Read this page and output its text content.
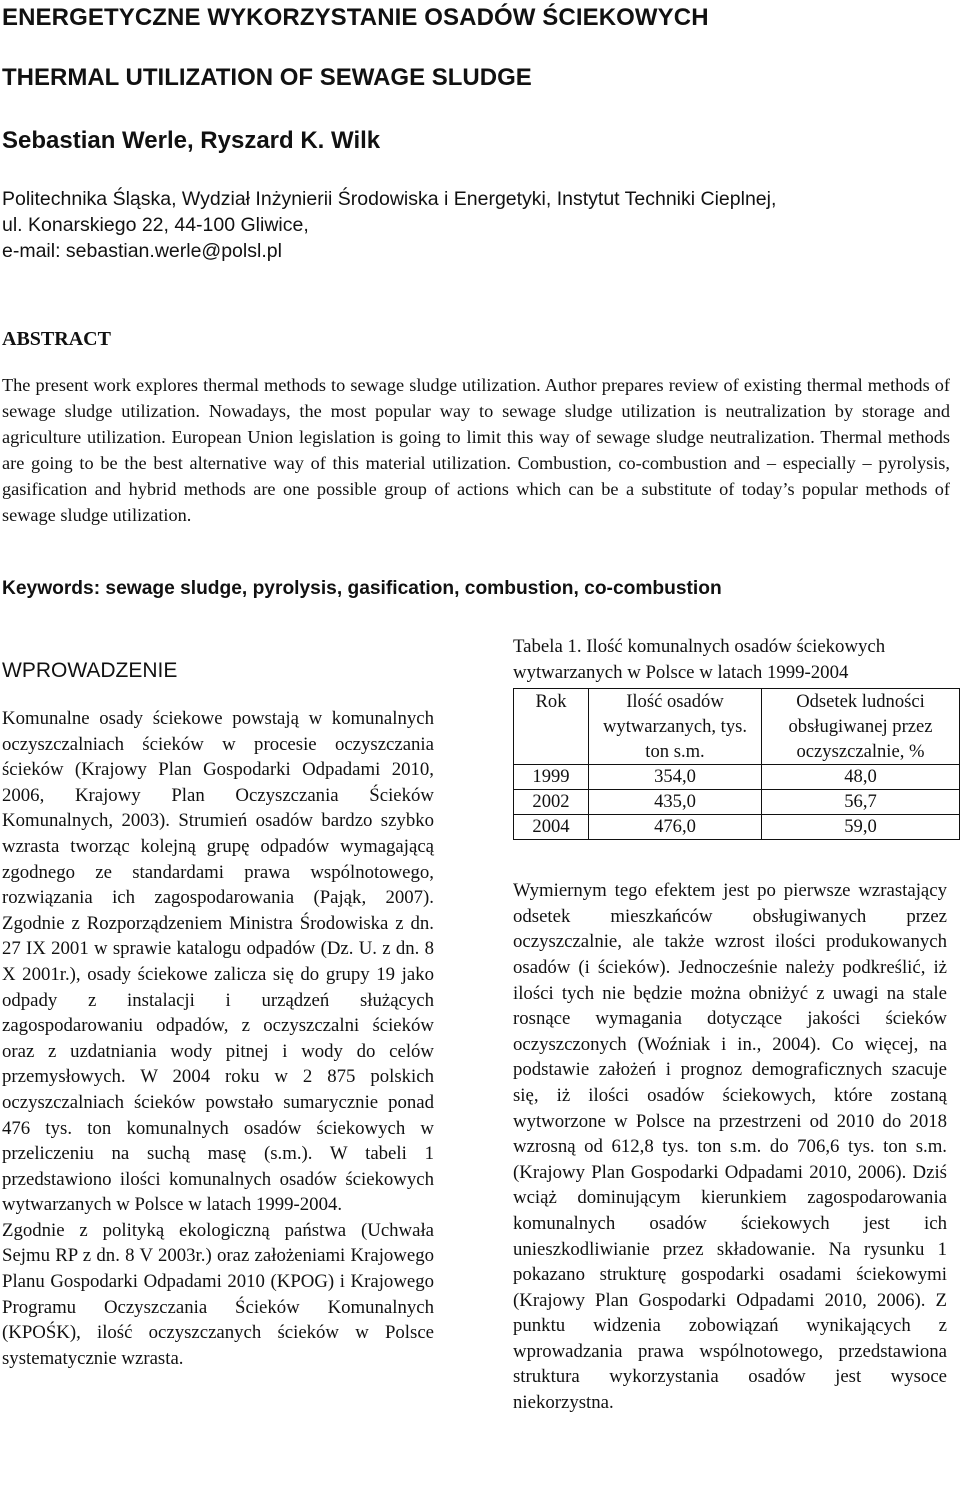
ENERGETYCZNE WYKORZYSTANIE OSADÓW ŚCIEKOWYCH
THERMAL UTILIZATION OF SEWAGE SLUDGE
Sebastian Werle, Ryszard K. Wilk
Politechnika Śląska, Wydział Inżynierii Środowiska i Energetyki, Instytut Techniki Cieplnej,
ul. Konarskiego 22, 44-100 Gliwice,
e-mail: sebastian.werle@polsl.pl
ABSTRACT

The present work explores thermal methods to sewage sludge utilization. Author prepares review of existing thermal methods of sewage sludge utilization. Nowadays, the most popular way to sewage sludge utilization is neutralization by storage and agriculture utilization. European Union legislation is going to limit this way of sewage sludge neutralization. Thermal methods are going to be the best alternative way of this material utilization. Combustion, co-combustion and – especially – pyrolysis, gasification and hybrid methods are one possible group of actions which can be a substitute of today’s popular methods of sewage sludge utilization.

Keywords: sewage sludge, pyrolysis, gasification, combustion, co-combustion
WPROWADZENIE

Komunalne osady ściekowe powstają w komunalnych oczyszczalniach ścieków w procesie oczyszczania ścieków (Krajowy Plan Gospodarki Odpadami 2010, 2006, Krajowy Plan Oczyszczania Ścieków Komunalnych, 2003). Strumień osadów bardzo szybko wzrasta tworząc kolejną grupę odpadów wymagającą zgodnego ze standardami prawa wspólnotowego, rozwiązania ich zagospodarowania (Pająk, 2007). Zgodnie z Rozporządzeniem Ministra Środowiska z dn. 27 IX 2001 w sprawie katalogu odpadów (Dz. U. z dn. 8 X 2001r.), osady ściekowe zalicza się do grupy 19 jako odpady z instalacji i urządzeń służących zagospodarowaniu odpadów, z oczyszczalni ścieków oraz z uzdatniania wody pitnej i wody do celów przemysłowych. W 2004 roku w 2 875 polskich oczyszczalniach ścieków powstało sumarycznie ponad 476 tys. ton komunalnych osadów ściekowych w przeliczeniu na suchą masę (s.m.). W tabeli 1 przedstawiono ilości komunalnych osadów ściekowych wytwarzanych w Polsce w latach 1999-2004.

Zgodnie z polityką ekologiczną państwa (Uchwała Sejmu RP z dn. 8 V 2003r.) oraz założeniami Krajowego Planu Gospodarki Odpadami 2010 (KPOG) i Krajowego Programu Oczyszczania Ścieków Komunalnych (KPOŚK), ilość oczyszczanych ścieków w Polsce systematycznie wzrasta.

Tabela 1. Ilość komunalnych osadów ściekowych wytwarzanych w Polsce w latach 1999-2004

Rok	Ilość osadów wytwarzanych, tys. ton s.m.	Odsetek ludności obsługiwanej przez oczyszczalnie, %
1999	354,0	48,0
2002	435,0	56,7
2004	476,0	59,0

Wymiernym tego efektem jest po pierwsze wzrastający odsetek mieszkańców obsługiwanych przez oczyszczalnie, ale także wzrost ilości produkowanych osadów (i ścieków). Jednocześnie należy podkreślić, iż ilości tych nie będzie można obniżyć z uwagi na stale rosnące wymagania dotyczące jakości ścieków oczyszczonych (Woźniak i in., 2004). Co więcej, na podstawie założeń i prognoz demograficznych szacuje się, iż ilości osadów ściekowych, które zostaną wytworzone w Polsce na przestrzeni od 2010 do 2018 wzrosną od 612,8 tys. ton s.m. do 706,6 tys. ton s.m. (Krajowy Plan Gospodarki Odpadami 2010, 2006). Dziś wciąż dominującym kierunkiem zagospodarowania komunalnych osadów ściekowych jest ich unieszkodliwianie przez składowanie. Na rysunku 1 pokazano strukturę gospodarki osadami ściekowymi (Krajowy Plan Gospodarki Odpadami 2010, 2006). Z punktu widzenia zobowiązań wynikających z wprowadzania prawa wspólnotowego, przedstawiona struktura wykorzystania osadów jest wysoce niekorzystna.
